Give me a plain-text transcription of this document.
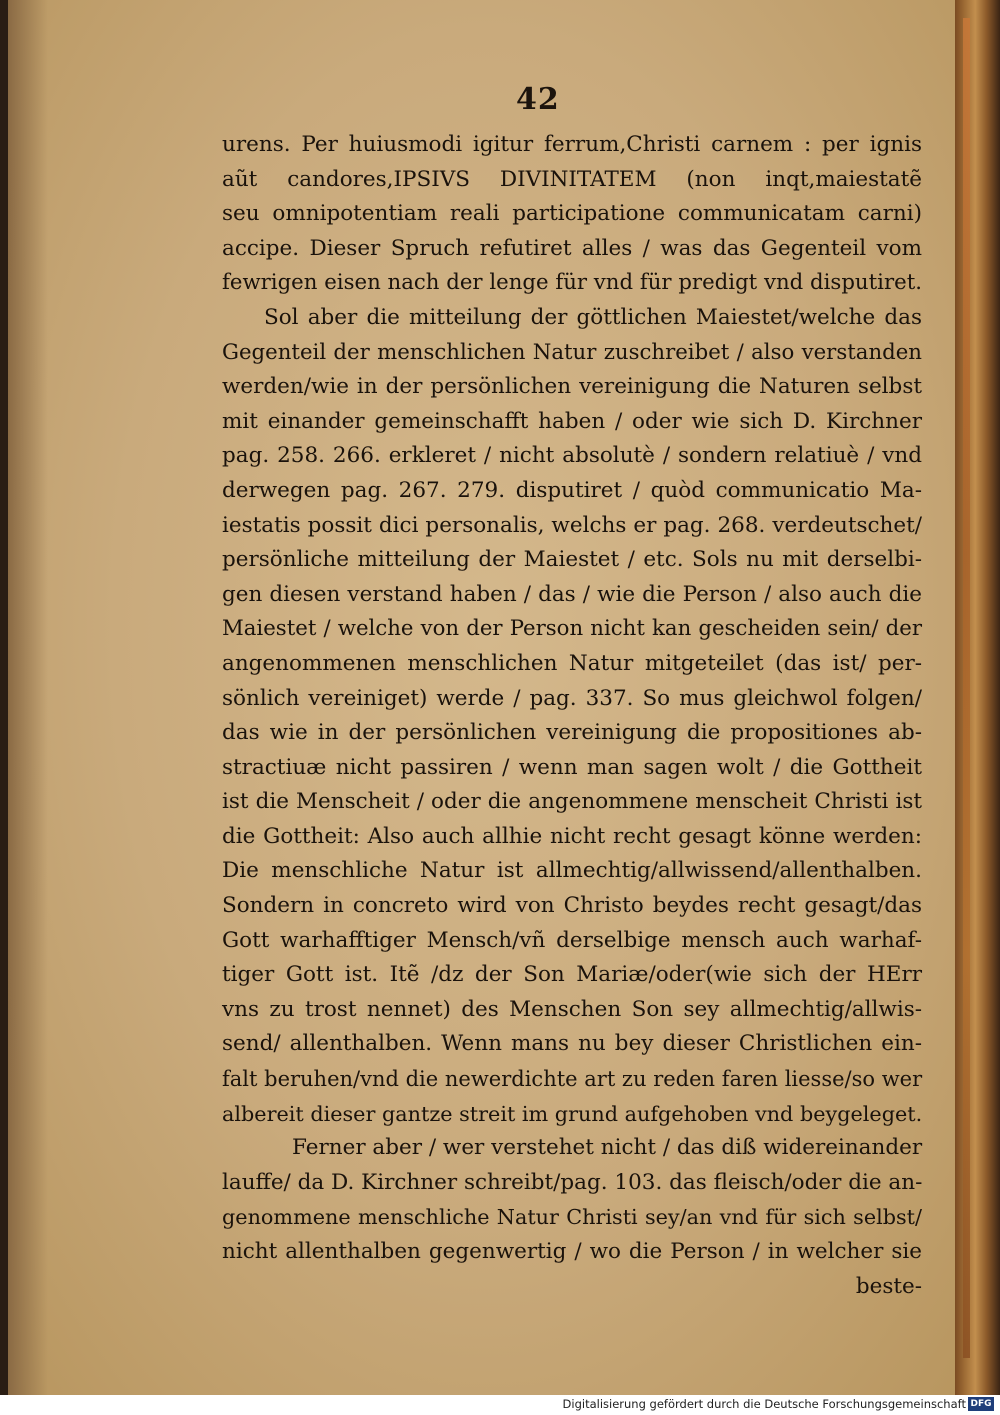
42
urens. Per huiusmodi igitur ferrum,Christi carnem : per ignis
aũt candores,IPSIVS DIVINITATEM (non inqt,maiestatẽ
seu omnipotentiam reali participatione communicatam carni)
accipe. Dieser Spruch refutiret alles / was das Gegenteil vom
fewrigen eisen nach der lenge für vnd für predigt vnd disputiret.
Sol aber die mitteilung der göttlichen Maiestet/welche das
Gegenteil der menschlichen Natur zuschreibet / also verstanden
werden/wie in der persönlichen vereinigung die Naturen selbst
mit einander gemeinschafft haben / oder wie sich D. Kirchner
pag. 258. 266. erkleret / nicht absolutè / sondern relatiuè / vnd
derwegen pag. 267. 279. disputiret / quòd communicatio Ma-
iestatis possit dici personalis, welchs er pag. 268. verdeutschet/
persönliche mitteilung der Maiestet / etc. Sols nu mit derselbi-
gen diesen verstand haben / das / wie die Person / also auch die
Maiestet / welche von der Person nicht kan gescheiden sein/ der
angenommenen menschlichen Natur mitgeteilet (das ist/ per-
sönlich vereiniget) werde / pag. 337. So mus gleichwol folgen/
das wie in der persönlichen vereinigung die propositiones ab-
stractiuæ nicht passiren / wenn man sagen wolt / die Gottheit
ist die Menscheit / oder die angenommene menscheit Christi ist
die Gottheit: Also auch allhie nicht recht gesagt könne werden:
Die menschliche Natur ist allmechtig/allwissend/allenthalben.
Sondern in concreto wird von Christo beydes recht gesagt/das
Gott warhafftiger Mensch/vñ derselbige mensch auch warhaf-
tiger Gott ist. Itẽ /dz der Son Mariæ/oder(wie sich der HErr
vns zu trost nennet) des Menschen Son sey allmechtig/allwis-
send/ allenthalben. Wenn mans nu bey dieser Christlichen ein-
falt beruhen/vnd die newerdichte art zu reden faren liesse/so wer
albereit dieser gantze streit im grund aufgehoben vnd beygeleget.
Ferner aber / wer verstehet nicht / das diß widereinander
lauffe/ da D. Kirchner schreibt/pag. 103. das fleisch/oder die an-
genommene menschliche Natur Christi sey/an vnd für sich selbst/
nicht allenthalben gegenwertig / wo die Person / in welcher sie
beste-
Digitalisierung gefördert durch die Deutsche Forschungsgemeinschaft DFG
